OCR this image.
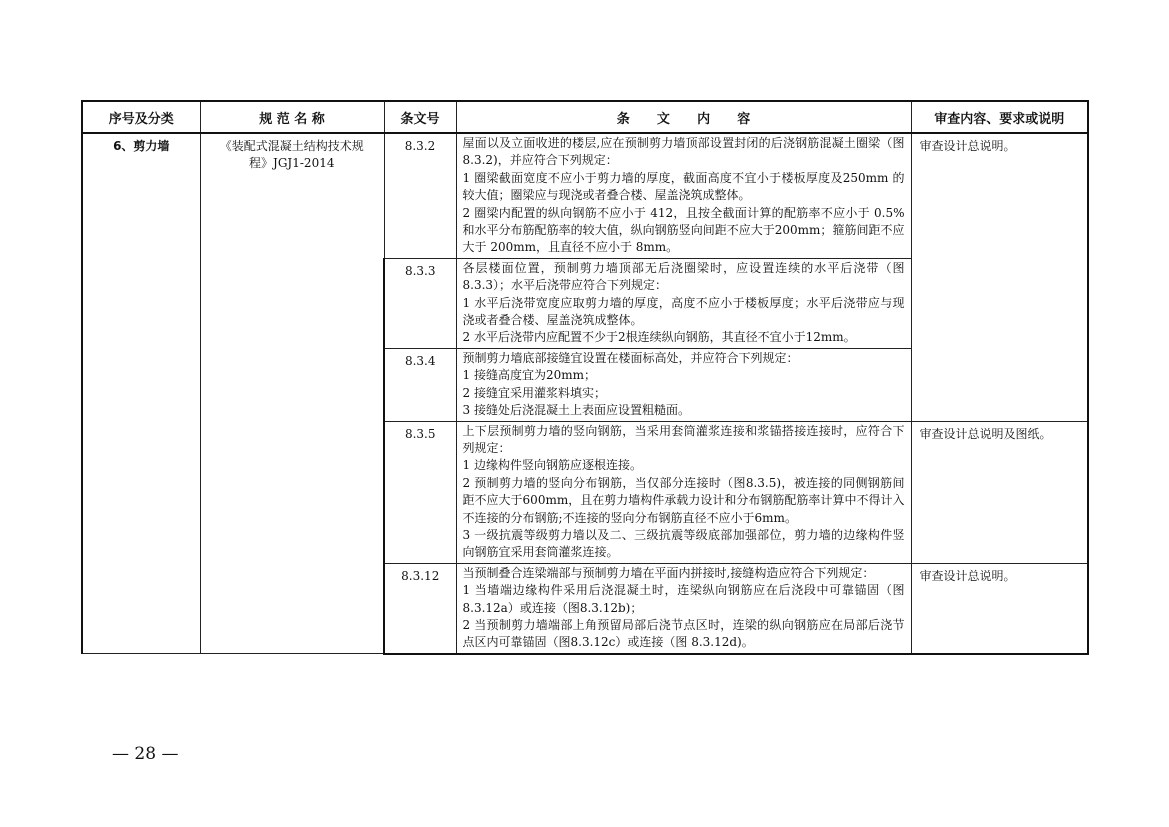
序号及分类	规 范 名 称	条文号	条      文      内      容	审查内容、要求或说明
6、剪力墙	《装配式混凝土结构技术规程》JGJ1-2014	8.3.2	屋面以及立面收进的楼层,应在预制剪力墙顶部设置封闭的后浇钢筋混凝土圈梁（图8.3.2)，并应符合下列规定：
1 圈梁截面宽度不应小于剪力墙的厚度，截面高度不宜小于楼板厚度及250mm 的较大值；圈梁应与现浇或者叠合楼、屋盖浇筑成整体。
2 圈梁内配置的纵向钢筋不应小于 412，且按全截面计算的配筋率不应小于 0.5%和水平分布筋配筋率的较大值，纵向钢筋竖向间距不应大于200mm；箍筋间距不应大于 200mm，且直径不应小于 8mm。	审查设计总说明。
		8.3.3	各层楼面位置，预制剪力墙顶部无后浇圈梁时，应设置连续的水平后浇带（图8.3.3）；水平后浇带应符合下列规定：
1 水平后浇带宽度应取剪力墙的厚度，高度不应小于楼板厚度；水平后浇带应与现浇或者叠合楼、屋盖浇筑成整体。
2 水平后浇带内应配置不少于2根连续纵向钢筋，其直径不宜小于12mm。	

		8.3.4	预制剪力墙底部接缝宜设置在楼面标高处，并应符合下列规定：
1 接缝高度宜为20mm；
2 接缝宜采用灌浆料填实；
3 接缝处后浇混凝土上表面应设置粗糙面。	

		8.3.5	上下层预制剪力墙的竖向钢筋，当采用套筒灌浆连接和浆锚搭接连接时，应符合下列规定：
1 边缘构件竖向钢筋应逐根连接。
2 预制剪力墙的竖向分布钢筋，当仅部分连接时（图8.3.5)，被连接的同侧钢筋间距不应大于600mm，且在剪力墙构件承载力设计和分布钢筋配筋率计算中不得计入不连接的分布钢筋;不连接的竖向分布钢筋直径不应小于6mm。
3 一级抗震等级剪力墙以及二、三级抗震等级底部加强部位，剪力墙的边缘构件竖向钢筋宜采用套筒灌浆连接。	审查设计总说明及图纸。
		8.3.12	当预制叠合连梁端部与预制剪力墙在平面内拼接时,接缝构造应符合下列规定：
1 当墙端边缘构件采用后浇混凝土时，连梁纵向钢筋应在后浇段中可靠锚固（图8.3.12a）或连接（图8.3.12b)；
2 当预制剪力墙端部上角预留局部后浇节点区时，连梁的纵向钢筋应在局部后浇节点区内可靠锚固（图8.3.12c）或连接（图 8.3.12d)。	审查设计总说明。
— 28 —
